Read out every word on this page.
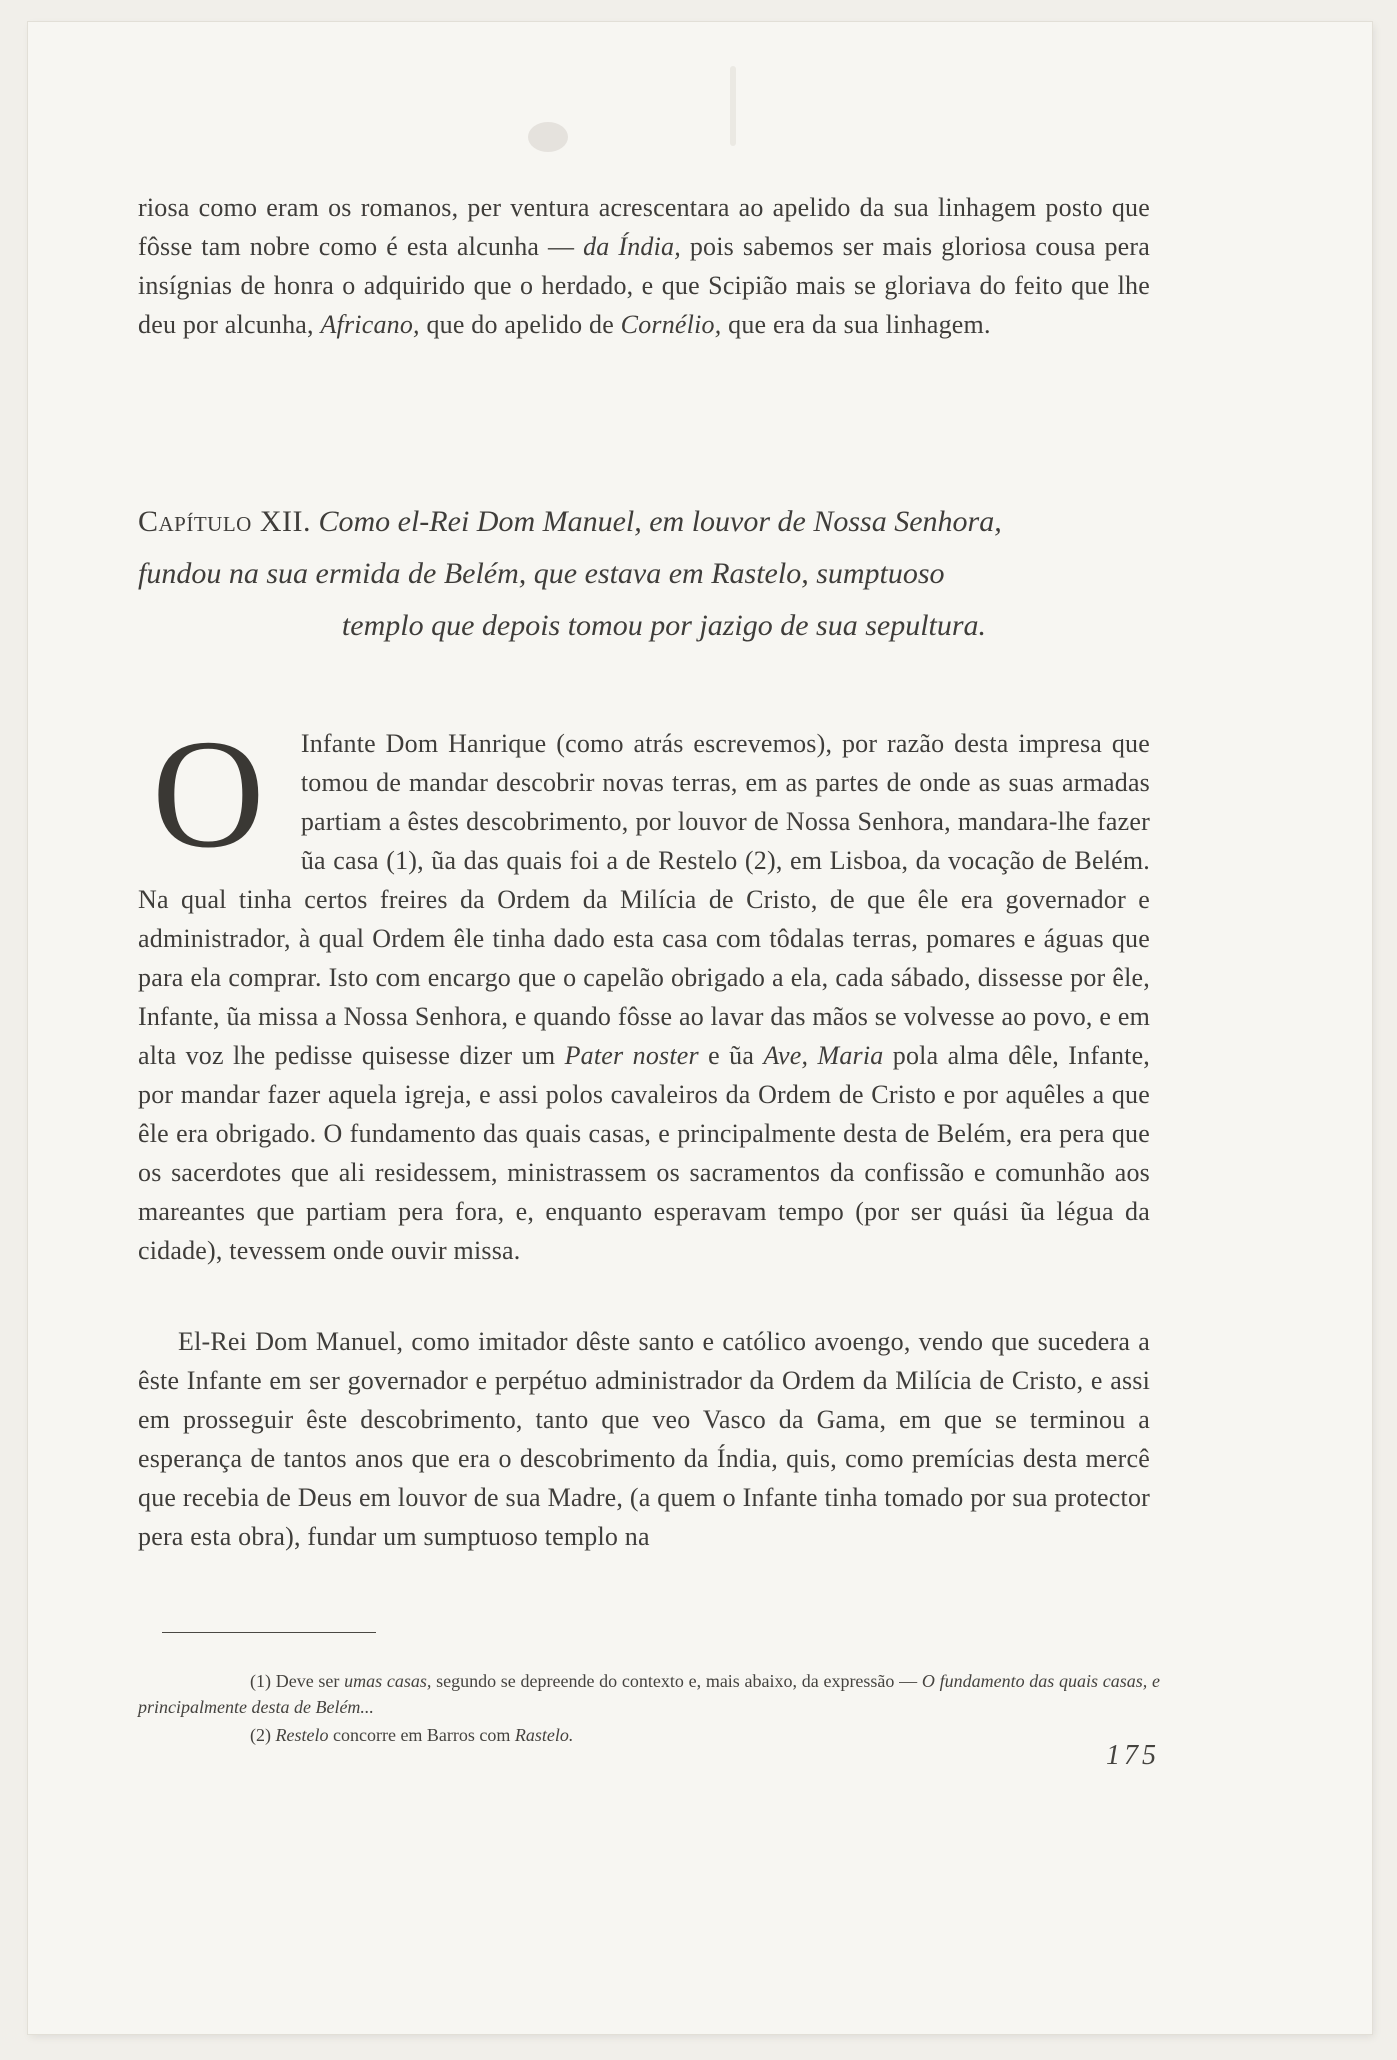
riosa como eram os romanos, per ventura acrescentara ao apelido da sua linhagem posto que fôsse tam nobre como é esta alcunha — da Índia, pois sabemos ser mais gloriosa cousa pera insígnias de honra o adquirido que o herdado, e que Scipião mais se gloriava do feito que lhe deu por alcunha, Africano, que do apelido de Cornélio, que era da sua linhagem.

Capítulo XII. Como el-Rei Dom Manuel, em louvor de Nossa Senhora,
fundou na sua ermida de Belém, que estava em Rastelo, sumptuoso
templo que depois tomou por jazigo de sua sepultura.

O Infante Dom Hanrique (como atrás escrevemos), por razão desta impresa que tomou de mandar descobrir novas terras, em as partes de onde as suas armadas partiam a êstes descobrimento, por louvor de Nossa Senhora, mandara-lhe fazer ũa casa (1), ũa das quais foi a de Restelo (2), em Lisboa, da vocação de Belém. Na qual tinha certos freires da Ordem da Milícia de Cristo, de que êle era governador e administrador, à qual Ordem êle tinha dado esta casa com tôdalas terras, pomares e águas que para ela comprar. Isto com encargo que o capelão obrigado a ela, cada sábado, dissesse por êle, Infante, ũa missa a Nossa Senhora, e quando fôsse ao lavar das mãos se volvesse ao povo, e em alta voz lhe pedisse quisesse dizer um Pater noster e ũa Ave, Maria pola alma dêle, Infante, por mandar fazer aquela igreja, e assi polos cavaleiros da Ordem de Cristo e por aquêles a que êle era obrigado. O fundamento das quais casas, e principalmente desta de Belém, era pera que os sacerdotes que ali residessem, ministrassem os sacramentos da confissão e comunhão aos mareantes que partiam pera fora, e, enquanto esperavam tempo (por ser quási ũa légua da cidade), tevessem onde ouvir missa.

El-Rei Dom Manuel, como imitador dêste santo e católico avoengo, vendo que sucedera a êste Infante em ser governador e perpétuo administrador da Ordem da Milícia de Cristo, e assi em prosseguir êste descobrimento, tanto que veo Vasco da Gama, em que se terminou a esperança de tantos anos que era o descobrimento da Índia, quis, como premícias desta mercê que recebia de Deus em louvor de sua Madre, (a quem o Infante tinha tomado por sua protector pera esta obra), fundar um sumptuoso templo na

(1) Deve ser umas casas, segundo se depreende do contexto e, mais abaixo, da expressão — O fundamento das quais casas, e principalmente desta de Belém...

(2) Restelo concorre em Barros com Rastelo.

175
